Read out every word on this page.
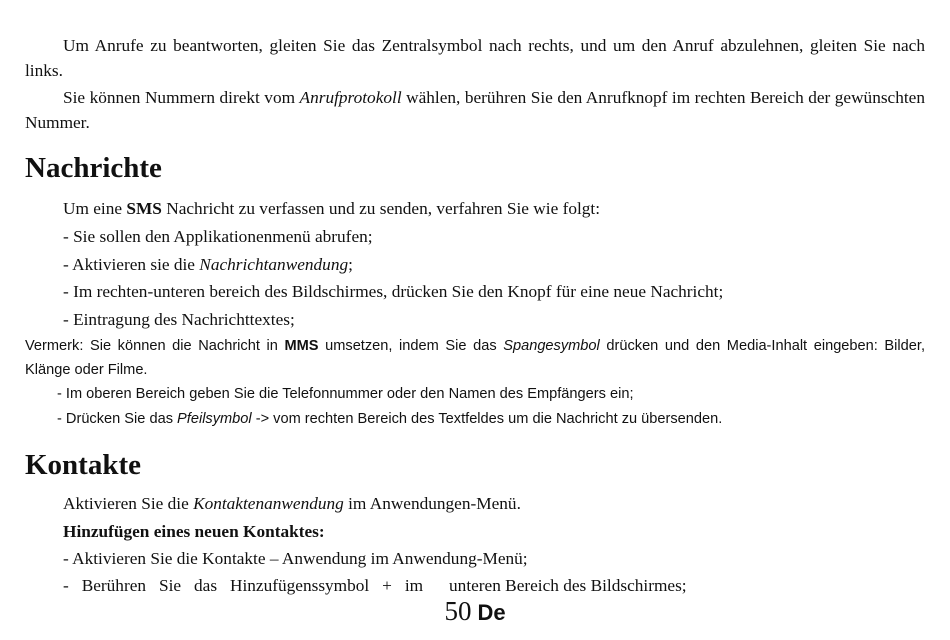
Um Anrufe zu beantworten, gleiten Sie das Zentralsymbol nach rechts, und um den Anruf abzulehnen, gleiten Sie nach links.

Sie können Nummern direkt vom Anrufprotokoll wählen, berühren Sie den Anrufknopf im rechten Bereich der gewünschten Nummer.

Nachrichte

Um eine SMS Nachricht zu verfassen und zu senden, verfahren Sie wie folgt:

- Sie sollen den Applikationenmenü abrufen;

- Aktivieren sie die Nachrichtanwendung;

- Im rechten-unteren bereich des Bildschirmes, drücken Sie den Knopf für eine neue Nachricht;

- Eintragung des Nachrichttextes;

Vermerk: Sie können die Nachricht in MMS umsetzen, indem Sie das Spangesymbol drücken und den Media-Inhalt eingeben: Bilder, Klänge oder Filme.

- Im oberen Bereich geben Sie die Telefonnummer oder den Namen des Empfängers ein;

- Drücken Sie das Pfeilsymbol -> vom rechten Bereich des Textfeldes um die Nachricht zu übersenden.

Kontakte

Aktivieren Sie die Kontaktenanwendung im Anwendungen-Menü.

Hinzufügen eines neuen Kontaktes:

- Aktivieren Sie die Kontakte – Anwendung im Anwendung-Menü;

-   Berühren   Sie   das   Hinzufügenssymbol   +   im      unteren Bereich des Bildschirmes;

50 De
